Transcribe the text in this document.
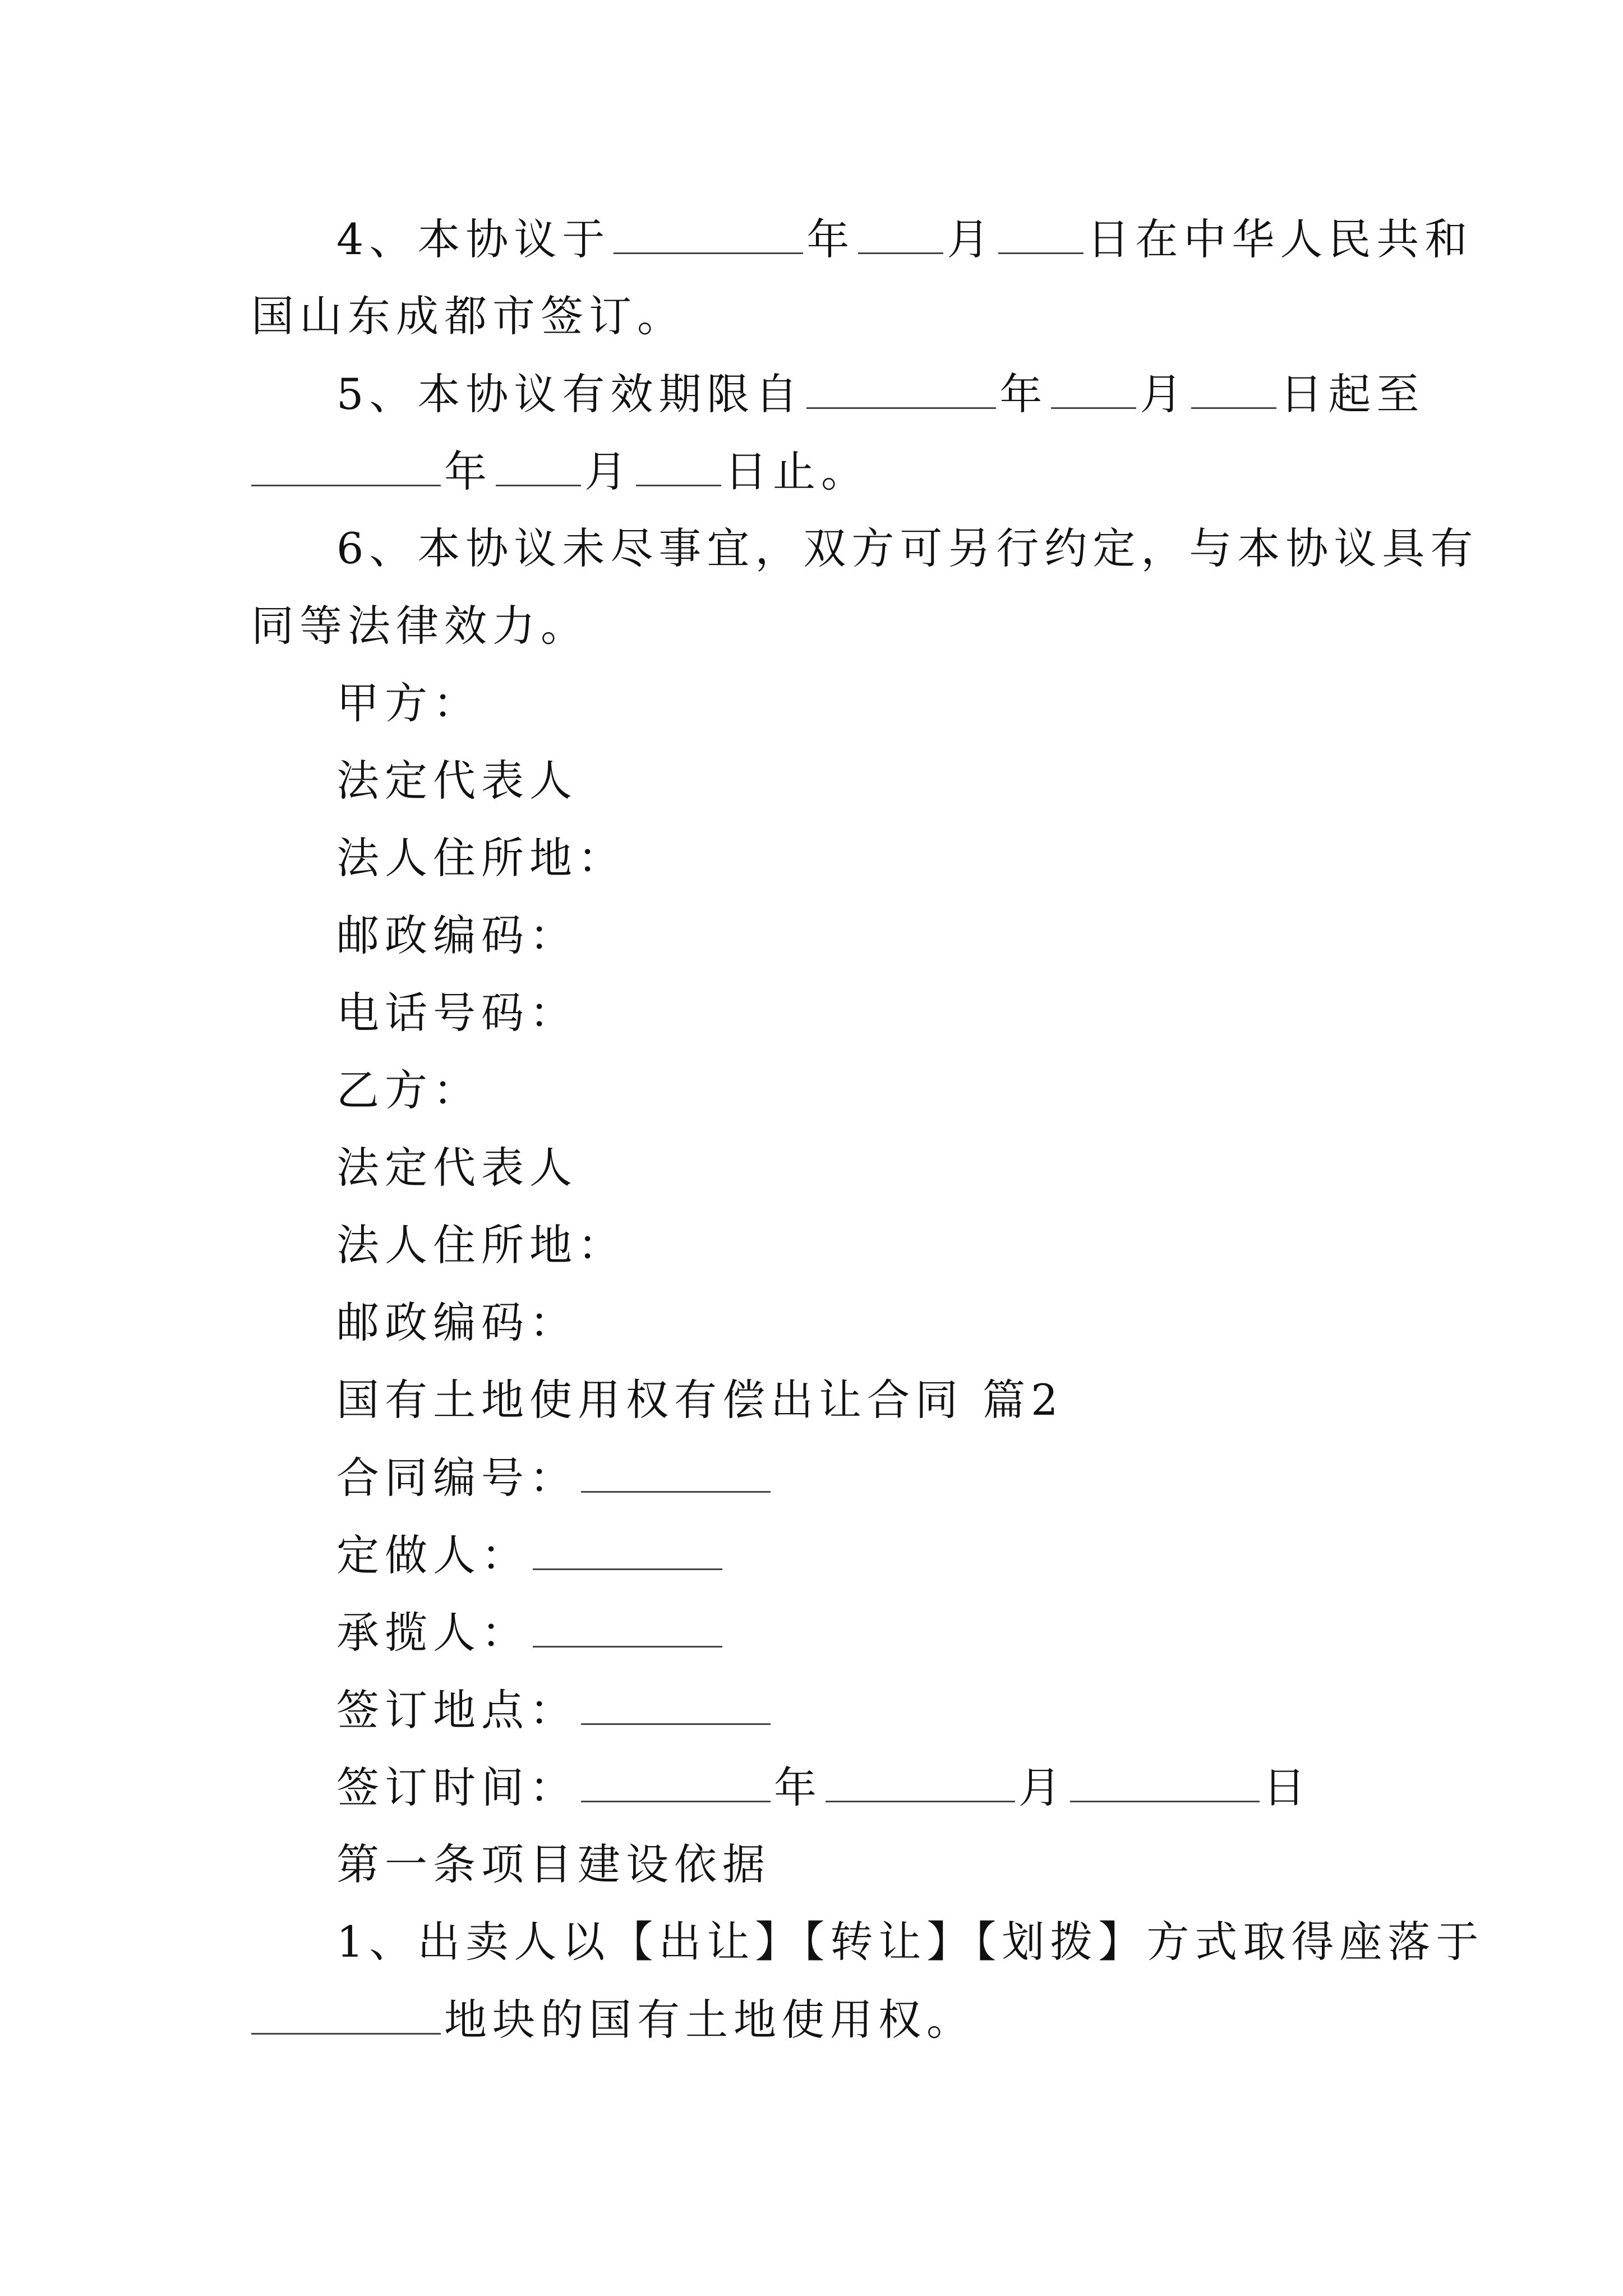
4、本协议于	年 月 日在中华人民共和
国山东成都市签订。
5、本协议有效期限自	年 月 日起至
年 月 日止。
6、本协议未尽事宜，双方可另行约定，与本协议具有
同等法律效力。
甲方：
法定代表人
法人住所地：
邮政编码：
电话号码：
乙方：
法定代表人
法人住所地：
邮政编码：
国有土地使用权有偿出让合同 篇2
合同编号：
定做人：
承揽人：
签订地点：
签订时间：	年	月	日
第一条项目建设依据
1、出卖人以【出让】【转让】【划拨】方式取得座落于
地块的国有土地使用权。
